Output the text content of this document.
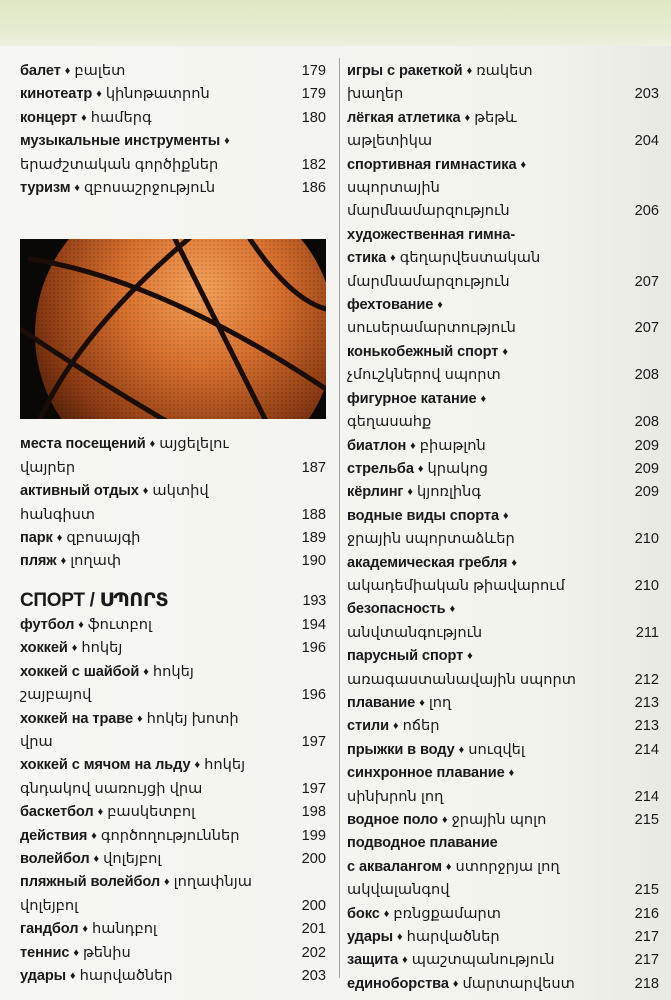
балет ♦ բալետ	179
кинотеатр ♦ կինոթատրոն	179
концерт ♦ համերգ	180
музыкальные инструменты ♦
երաժշտական գործիքներ	182
туризм ♦ զբոսաշրջություն	186
места посещений ♦ այցելելու
վայրեր	187
активный отдых ♦ ակտիվ
հանգիստ	188
парк ♦ զբոսայգի	189
пляж ♦ լողափ	190
СПОРТ / ՍՊՈՐՏ	193
футбол ♦ ֆուտբոլ	194
хоккей ♦ հոկեյ	196
хоккей с шайбой ♦ հոկեյ
շայբայով	196
хоккей на траве ♦ հոկեյ խոտի
վրա	197
хоккей с мячом на льду ♦ հոկեյ
գնդակով սառույցի վրա	197
баскетбол ♦ բասկետբոլ	198
действия ♦ գործողություններ	199
волейбол ♦ վոլեյբոլ	200
пляжный волейбол ♦ լողափնյա
վոլեյբոլ	200
гандбол ♦ հանդբոլ	201
теннис ♦ թենիս	202
удары ♦ հարվածներ	203
игры с ракеткой ♦ ռակետ
խաղեր	203
лёгкая атлетика ♦ թեթև
աթլետիկա	204
спортивная гимнастика ♦
սպորտային
մարմնամարզություն	206
художественная гимна-
стика ♦ գեղարվեստական
մարմնամարզություն	207
фехтование ♦
սուսերամարտություն	207
конькобежный спорт ♦
չմուշկներով սպորտ	208
фигурное катание ♦
գեղասահք	208
биатлон ♦ բիաթլոն	209
стрельба ♦ կրակոց	209
кёрлинг ♦ կյոռլինգ	209
водные виды спорта ♦
ջրային սպորտաձևեր	210
академическая гребля ♦
ակադեմիական թիավարում	210
безопасность ♦
անվտանգություն	211
парусный спорт ♦
առագաստանավային սպորտ	212
плавание ♦ լող	213
стили ♦ ոճեր	213
прыжки в воду ♦ սուզվել	214
синхронное плавание ♦
սինխրոն լող	214
водное поло ♦ ջրային պոլո	215
подводное плавание
с аквалангом ♦ ստորջրյա լող
ակվալանգով	215
бокс ♦ բռնցքամարտ	216
удары ♦ հարվածներ	217
защита ♦ պաշտպանություն	217
единоборства ♦ մարտարվեստ	218
